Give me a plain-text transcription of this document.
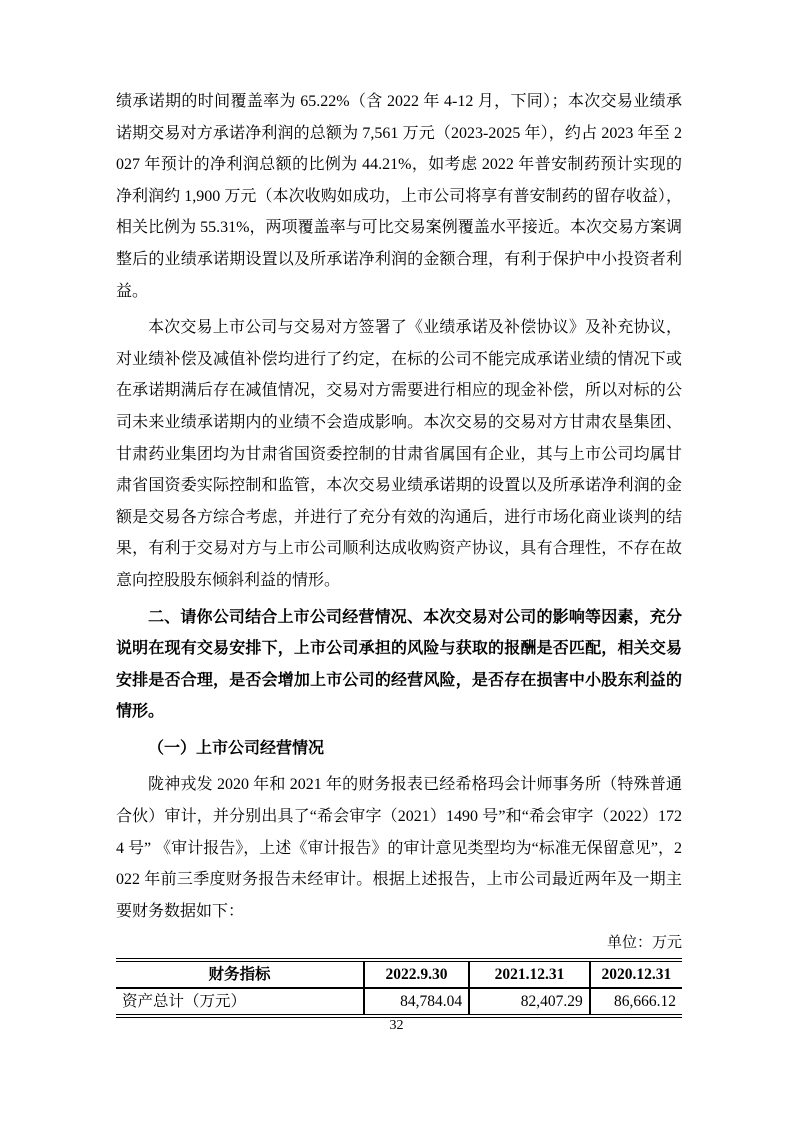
绩承诺期的时间覆盖率为 65.22%（含 2022 年 4-12 月，下同）；本次交易业绩承诺期交易对方承诺净利润的总额为 7,561 万元（2023-2025 年），约占 2023 年至 2027 年预计的净利润总额的比例为 44.21%，如考虑 2022 年普安制药预计实现的净利润约 1,900 万元（本次收购如成功，上市公司将享有普安制药的留存收益），相关比例为 55.31%，两项覆盖率与可比交易案例覆盖水平接近。本次交易方案调整后的业绩承诺期设置以及所承诺净利润的金额合理，有利于保护中小投资者利益。

本次交易上市公司与交易对方签署了《业绩承诺及补偿协议》及补充协议，对业绩补偿及减值补偿均进行了约定，在标的公司不能完成承诺业绩的情况下或在承诺期满后存在减值情况，交易对方需要进行相应的现金补偿，所以对标的公司未来业绩承诺期内的业绩不会造成影响。本次交易的交易对方甘肃农垦集团、甘肃药业集团均为甘肃省国资委控制的甘肃省属国有企业，其与上市公司均属甘肃省国资委实际控制和监管，本次交易业绩承诺期的设置以及所承诺净利润的金额是交易各方综合考虑，并进行了充分有效的沟通后，进行市场化商业谈判的结果，有利于交易对方与上市公司顺利达成收购资产协议，具有合理性，不存在故意向控股股东倾斜利益的情形。

二、请你公司结合上市公司经营情况、本次交易对公司的影响等因素，充分说明在现有交易安排下，上市公司承担的风险与获取的报酬是否匹配，相关交易安排是否合理，是否会增加上市公司的经营风险，是否存在损害中小股东利益的情形。

（一）上市公司经营情况

陇神戎发 2020 年和 2021 年的财务报表已经希格玛会计师事务所（特殊普通合伙）审计，并分别出具了“希会审字（2021）1490 号”和“希会审字（2022）1724 号” 《审计报告》，上述《审计报告》的审计意见类型均为“标准无保留意见”，2022 年前三季度财务报告未经审计。根据上述报告，上市公司最近两年及一期主要财务数据如下：

单位：万元

财务指标	2022.9.30	2021.12.31	2020.12.31
资产总计（万元）	84,784.04	82,407.29	86,666.12
32
